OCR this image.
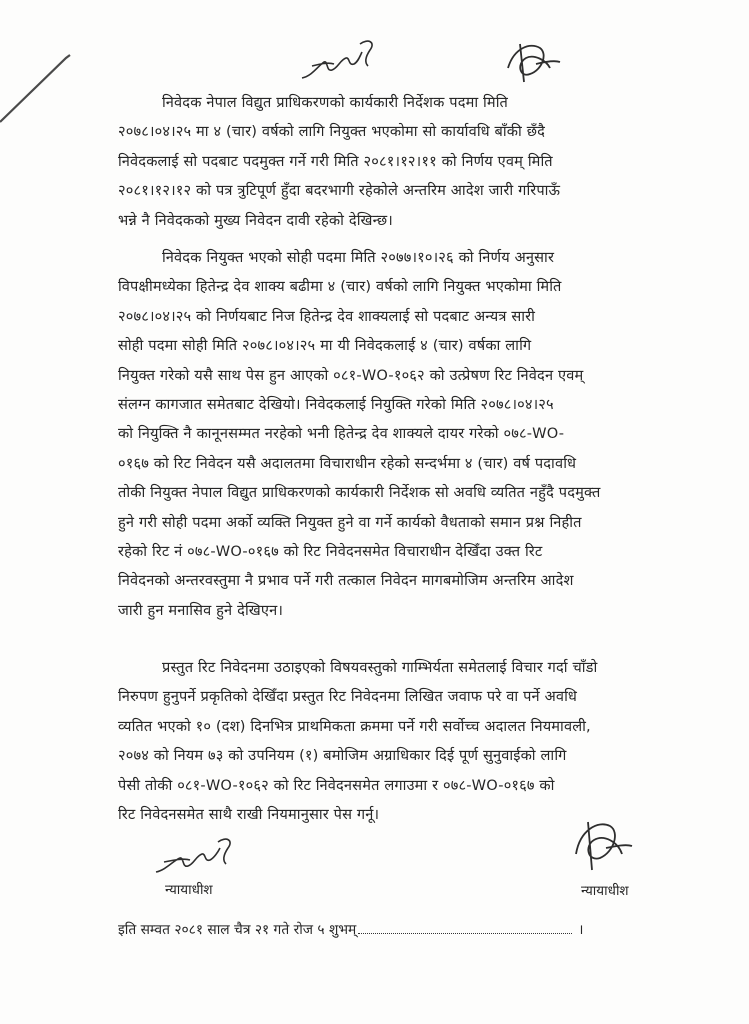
निवेदक नेपाल विद्युत प्राधिकरणको कार्यकारी निर्देशक पदमा मिति
२०७८।०४।२५ मा ४ (चार) वर्षको लागि नियुक्त भएकोमा सो कार्यावधि बाँकी छँदै
निवेदकलाई सो पदबाट पदमुक्त गर्ने गरी मिति २०८१।१२।११ को निर्णय एवम् मिति
२०८१।१२।१२ को पत्र त्रुटिपूर्ण हुँदा बदरभागी रहेकोले अन्तरिम आदेश जारी गरिपाऊँ
भन्ने नै निवेदकको मुख्य निवेदन दावी रहेको देखिन्छ।
निवेदक नियुक्त भएको सोही पदमा मिति २०७७।१०।२६ को निर्णय अनुसार
विपक्षीमध्येका हितेन्द्र देव शाक्य बढीमा ४ (चार) वर्षको लागि नियुक्त भएकोमा मिति
२०७८।०४।२५ को निर्णयबाट निज हितेन्द्र देव शाक्यलाई सो पदबाट अन्यत्र सारी
सोही पदमा सोही मिति २०७८।०४।२५ मा यी निवेदकलाई ४ (चार) वर्षका लागि
नियुक्त गरेको यसै साथ पेस हुन आएको ०८१-WO-१०६२ को उत्प्रेषण रिट निवेदन एवम्
संलग्न कागजात समेतबाट देखियो। निवेदकलाई नियुक्ति गरेको मिति २०७८।०४।२५
को नियुक्ति नै कानूनसम्मत नरहेको भनी हितेन्द्र देव शाक्यले दायर गरेको ०७८-WO-
०१६७ को रिट निवेदन यसै अदालतमा विचाराधीन रहेको सन्दर्भमा ४ (चार) वर्ष पदावधि
तोकी नियुक्त नेपाल विद्युत प्राधिकरणको कार्यकारी निर्देशक सो अवधि व्यतित नहुँदै पदमुक्त
हुने गरी सोही पदमा अर्को व्यक्ति नियुक्त हुने वा गर्ने कार्यको वैधताको समान प्रश्न निहीत
रहेको रिट नं ०७८-WO-०१६७ को रिट निवेदनसमेत विचाराधीन देखिँदा उक्त रिट
निवेदनको अन्तरवस्तुमा नै प्रभाव पर्ने गरी तत्काल निवेदन मागबमोजिम अन्तरिम आदेश
जारी हुन मनासिव हुने देखिएन।
प्रस्तुत रिट निवेदनमा उठाइएको विषयवस्तुको गाम्भिर्यता समेतलाई विचार गर्दा चाँडो
निरुपण हुनुपर्ने प्रकृतिको देखिँदा प्रस्तुत रिट निवेदनमा लिखित जवाफ परे वा पर्ने अवधि
व्यतित भएको १० (दश) दिनभित्र प्राथमिकता क्रममा पर्ने गरी सर्वोच्च अदालत नियमावली,
२०७४ को नियम ७३ को उपनियम (१) बमोजिम अग्राधिकार दिई पूर्ण सुनुवाईको लागि
पेसी तोकी ०८१-WO-१०६२ को रिट निवेदनसमेत लगाउमा र ०७८-WO-०१६७ को
रिट निवेदनसमेत साथै राखी नियमानुसार पेस गर्नू।
न्यायाधीश	न्यायाधीश
इति सम्वत २०८१ साल चैत्र २१ गते रोज ५ शुभम्	।
